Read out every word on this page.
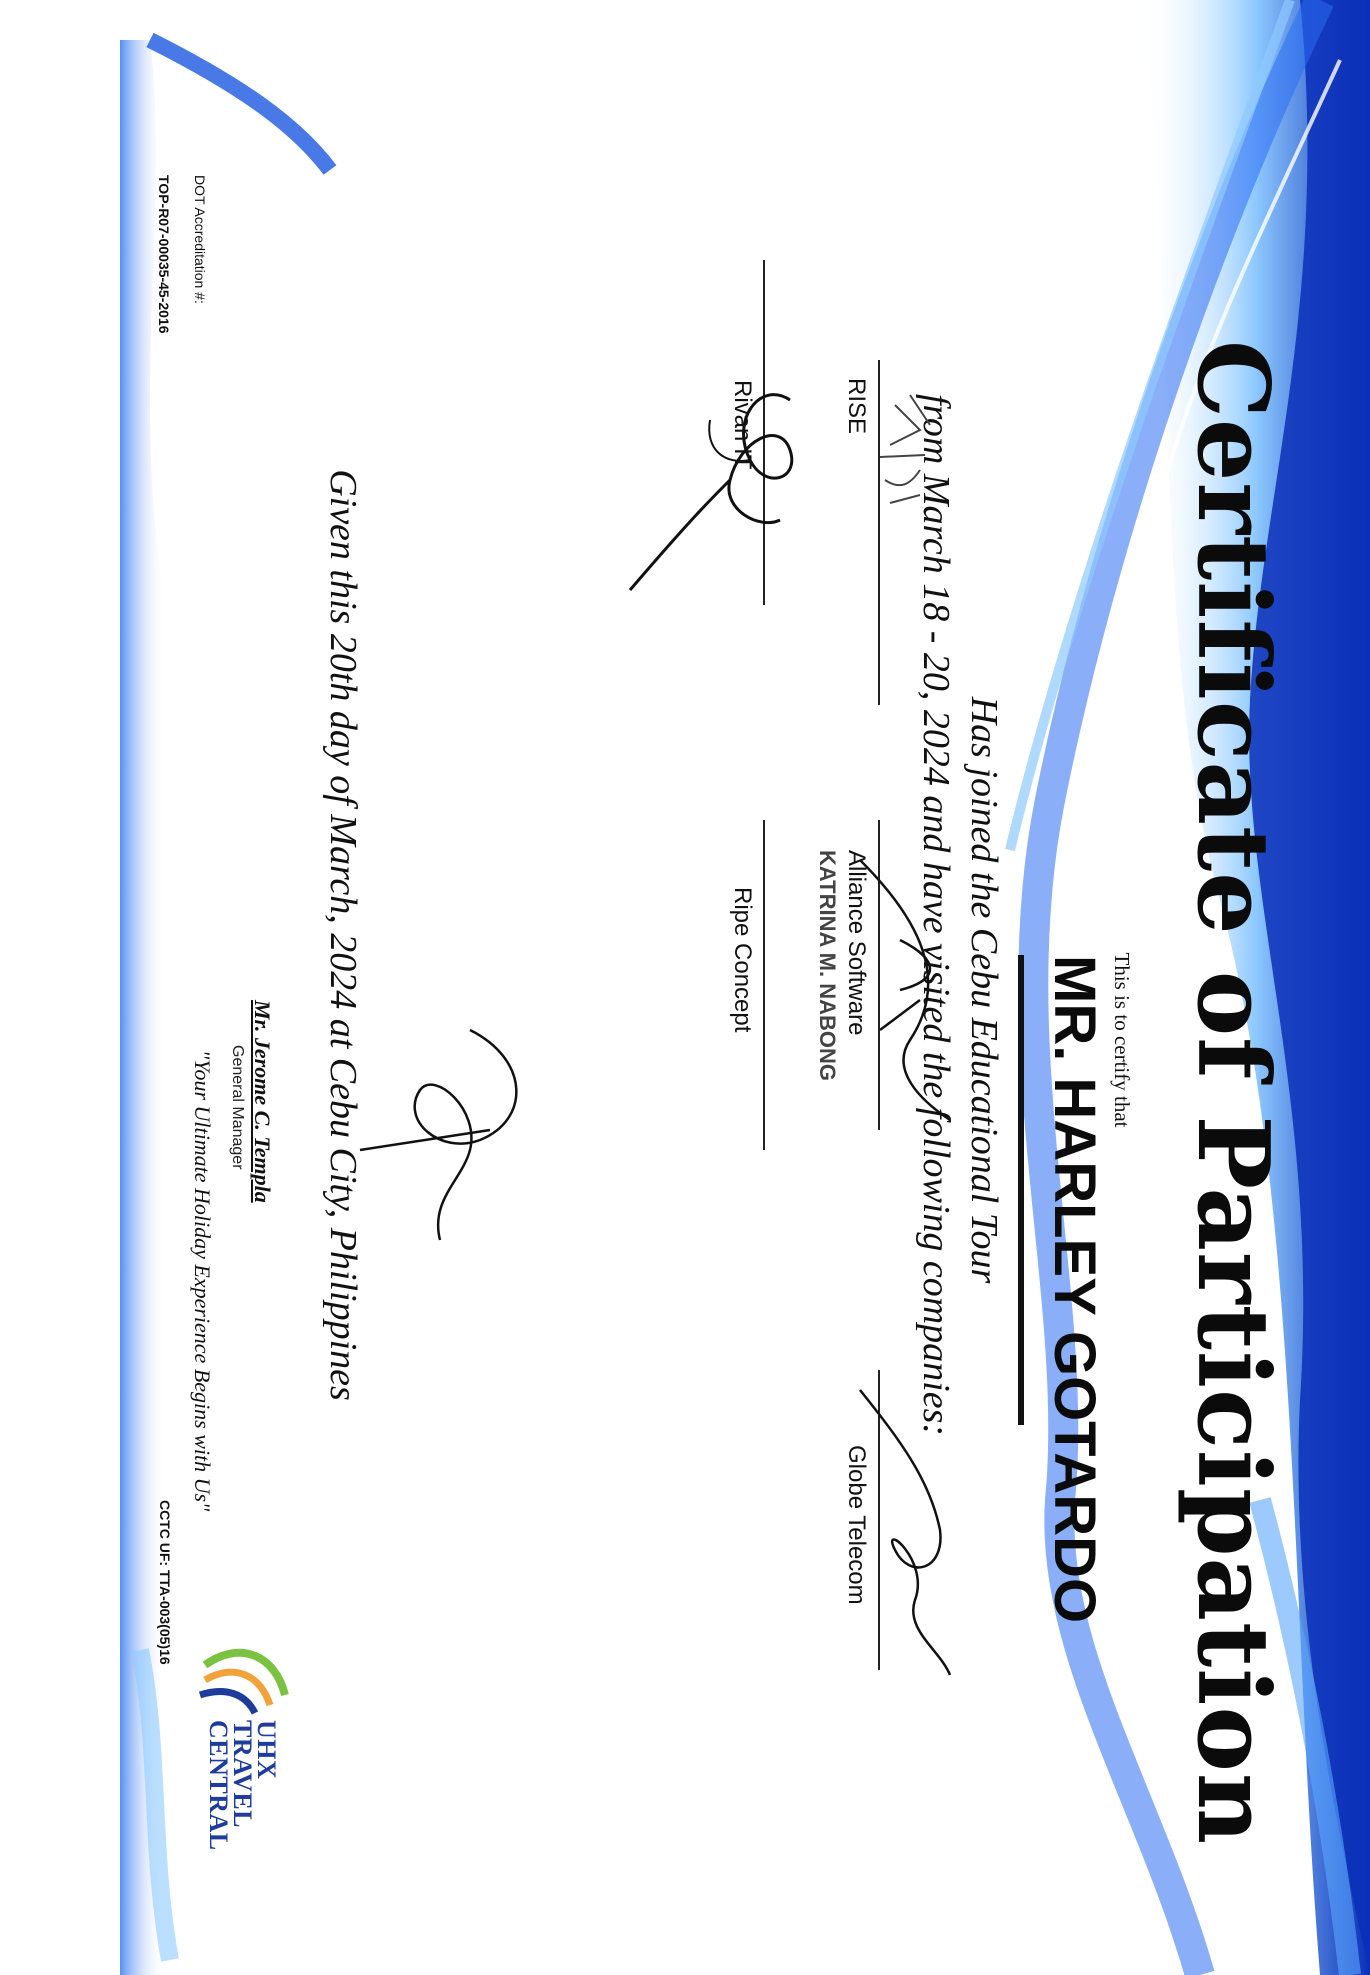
Certificate of Participation
This is to certify that
MR. HARLEY GOTARDO
Has joined the Cebu Educational Tour
from March 18 - 20, 2024 and have visited the following companies:
RISE
Alliance Software
KATRINA M. NABONG
Globe Telecom
Rivan IT
Ripe Concept
Given this 20th day of March, 2024 at Cebu City, Philippines
Mr. Jerome C. Templa
General Manager
UHX
TRAVEL
CENTRAL
"Your Ultimate Holiday Experience Begins with Us"
DOT Accreditation #:
TOP-R07-00035-45-2016
CCTC UF: TTA-003(05)16
